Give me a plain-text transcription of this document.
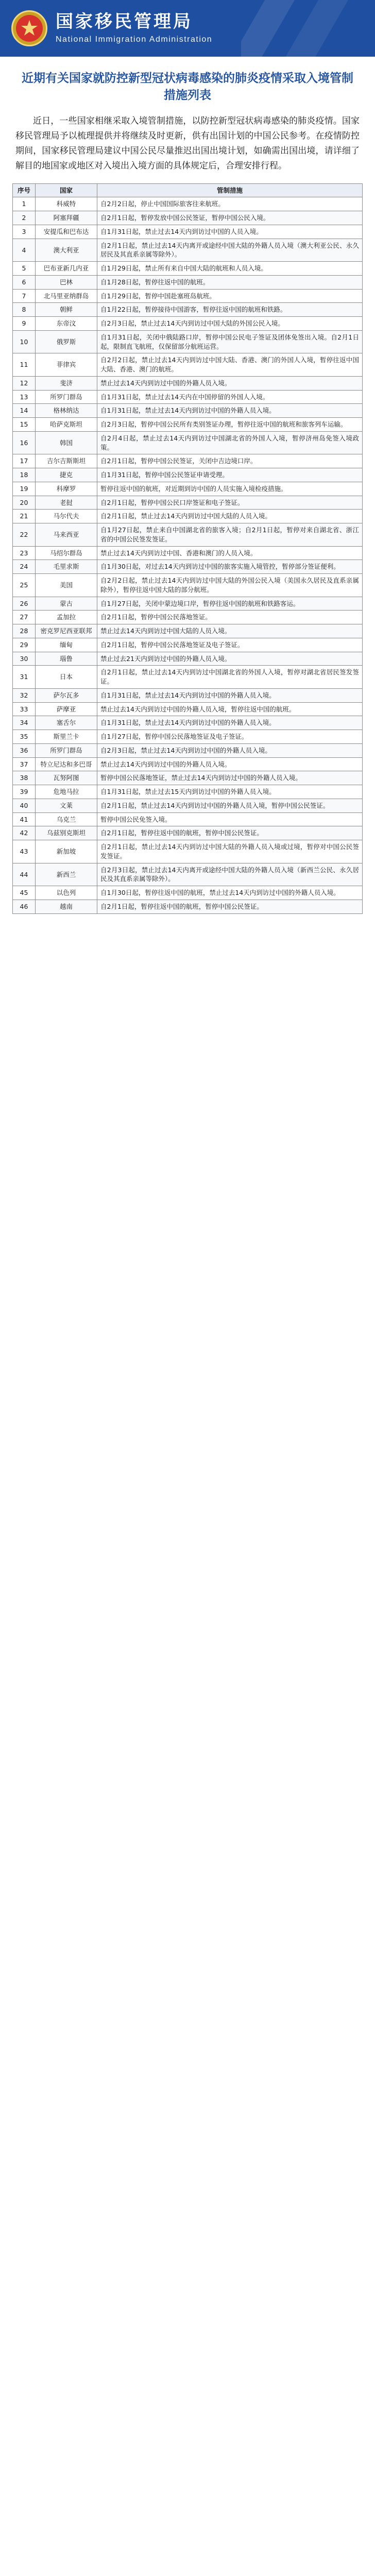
国家移民管理局
National Immigration Administration
近期有关国家就防控新型冠状病毒感染的肺炎疫情采取入境管制措施列表

近日，一些国家相继采取入境管制措施，以防控新型冠状病毒感染的肺炎疫情。国家移民管理局予以梳理提供并将继续及时更新，供有出国计划的中国公民参考。在疫情防控期间，国家移民管理局建议中国公民尽量推迟出国出境计划，如确需出国出境，请详细了解目的地国家或地区对入境出入境方面的具体规定后，合理安排行程。

序号	国家	管制措施
1	科威特	自2月2日起，停止中国国际旅客往来航班。
2	阿塞拜疆	自2月1日起，暂停发放中国公民签证，暂停中国公民入境。
3	安提瓜和巴布达	自1月31日起，禁止过去14天内到访过中国的人员入境。
4	澳大利亚	自2月1日起，禁止过去14天内离开或途经中国大陆的外籍人员入境（澳大利亚公民、永久居民及其直系亲属等除外）。
5	巴布亚新几内亚	自1月29日起，禁止所有来自中国大陆的航班和人员入境。
6	巴林	自1月28日起，暂停往返中国的航班。
7	北马里亚纳群岛	自1月29日起，暂停中国赴塞班岛航班。
8	朝鲜	自1月22日起，暂停接待中国游客，暂停往返中国的航班和铁路。
9	东帝汶	自2月3日起，禁止过去14天内到访过中国大陆的外国公民入境。
10	俄罗斯	自1月31日起，关闭中俄陆路口岸，暂停中国公民电子签证及团体免签出入境。自2月1日起，限制直飞航班，仅保留部分航班运营。
11	菲律宾	自2月2日起，禁止过去14天内到访过中国大陆、香港、澳门的外国人入境，暂停往返中国大陆、香港、澳门的航班。
12	斐济	禁止过去14天内到访过中国的外籍人员入境。
13	所罗门群岛	自1月31日起，禁止过去14天内在中国停留的外国人入境。
14	格林纳达	自1月31日起，禁止过去14天内到访过中国的外籍人员入境。
15	哈萨克斯坦	自2月3日起，暂停中国公民所有类别签证办理，暂停往返中国的航班和旅客列车运输。
16	韩国	自2月4日起，禁止过去14天内到访过中国湖北省的外国人入境，暂停济州岛免签入境政策。
17	吉尔吉斯斯坦	自2月1日起，暂停中国公民签证，关闭中吉边境口岸。
18	捷克	自1月31日起，暂停中国公民签证申请受理。
19	科摩罗	暂停往返中国的航班，对近期到访中国的人员实施入境检疫措施。
20	老挝	自2月1日起，暂停中国公民口岸签证和电子签证。
21	马尔代夫	自2月1日起，禁止过去14天内到访过中国大陆的人员入境。
22	马来西亚	自1月27日起，禁止来自中国湖北省的旅客入境；自2月1日起，暂停对来自湖北省、浙江省的中国公民签发签证。
23	马绍尔群岛	禁止过去14天内到访过中国、香港和澳门的人员入境。
24	毛里求斯	自1月30日起，对过去14天内到访过中国的旅客实施入境管控，暂停部分签证便利。
25	美国	自2月2日起，禁止过去14天内到访过中国大陆的外国公民入境（美国永久居民及直系亲属除外），暂停往返中国大陆的部分航班。
26	蒙古	自1月27日起，关闭中蒙边境口岸，暂停往返中国的航班和铁路客运。
27	孟加拉	自2月1日起，暂停中国公民落地签证。
28	密克罗尼西亚联邦	禁止过去14天内到访过中国大陆的人员入境。
29	缅甸	自2月1日起，暂停中国公民落地签证及电子签证。
30	瑙鲁	禁止过去21天内到访过中国的外籍人员入境。
31	日本	自2月1日起，禁止过去14天内到访过中国湖北省的外国人入境，暂停对湖北省居民签发签证。
32	萨尔瓦多	自1月31日起，禁止过去14天内到访过中国的外籍人员入境。
33	萨摩亚	禁止过去14天内到访过中国的外籍人员入境，暂停往返中国的航班。
34	塞舌尔	自1月31日起，禁止过去14天内到访过中国的外籍人员入境。
35	斯里兰卡	自1月27日起，暂停中国公民落地签证及电子签证。
36	所罗门群岛	自2月3日起，禁止过去14天内到访过中国的外籍人员入境。
37	特立尼达和多巴哥	禁止过去14天内到访过中国的外籍人员入境。
38	瓦努阿图	暂停中国公民落地签证，禁止过去14天内到访过中国的外籍人员入境。
39	危地马拉	自1月31日起，禁止过去15天内到访过中国的外籍人员入境。
40	文莱	自2月1日起，禁止过去14天内到访过中国的外籍人员入境，暂停中国公民签证。
41	乌克兰	暂停中国公民免签入境。
42	乌兹别克斯坦	自2月1日起，暂停往返中国的航班，暂停中国公民签证。
43	新加坡	自2月1日起，禁止过去14天内到访过中国大陆的外籍人员入境或过境，暂停对中国公民签发签证。
44	新西兰	自2月3日起，禁止过去14天内离开或途经中国大陆的外籍人员入境（新西兰公民、永久居民及其直系亲属等除外）。
45	以色列	自1月30日起，暂停往返中国的航班，禁止过去14天内到访过中国的外籍人员入境。
46	越南	自2月1日起，暂停往返中国的航班，暂停中国公民签证。
